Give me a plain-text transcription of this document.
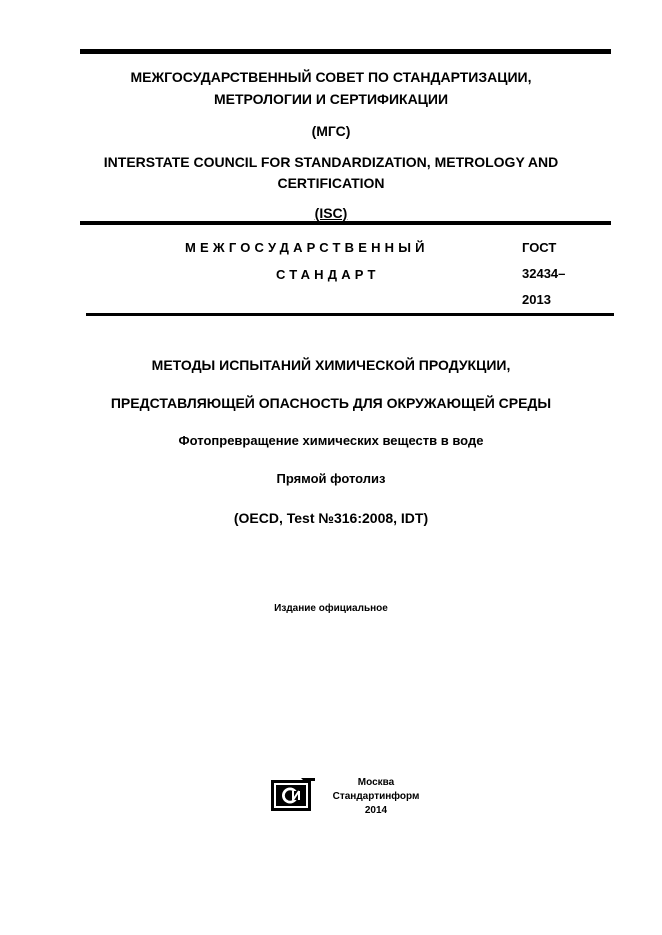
МЕЖГОСУДАРСТВЕННЫЙ СОВЕТ ПО СТАНДАРТИЗАЦИИ,
МЕТРОЛОГИИ И СЕРТИФИКАЦИИ
(МГС)
INTERSTATE COUNCIL FOR STANDARDIZATION, METROLOGY AND
CERTIFICATION
(ISC)
МЕЖГОСУДАРСТВЕННЫЙ
СТАНДАРТ
ГОСТ
32434–
2013
МЕТОДЫ ИСПЫТАНИЙ ХИМИЧЕСКОЙ ПРОДУКЦИИ,
ПРЕДСТАВЛЯЮЩЕЙ ОПАСНОСТЬ ДЛЯ ОКРУЖАЮЩЕЙ СРЕДЫ
Фотопревращение химических веществ в воде
Прямой фотолиз
(OECD, Test №316:2008, IDT)
Издание официальное
Москва
Стандартинформ
2014
